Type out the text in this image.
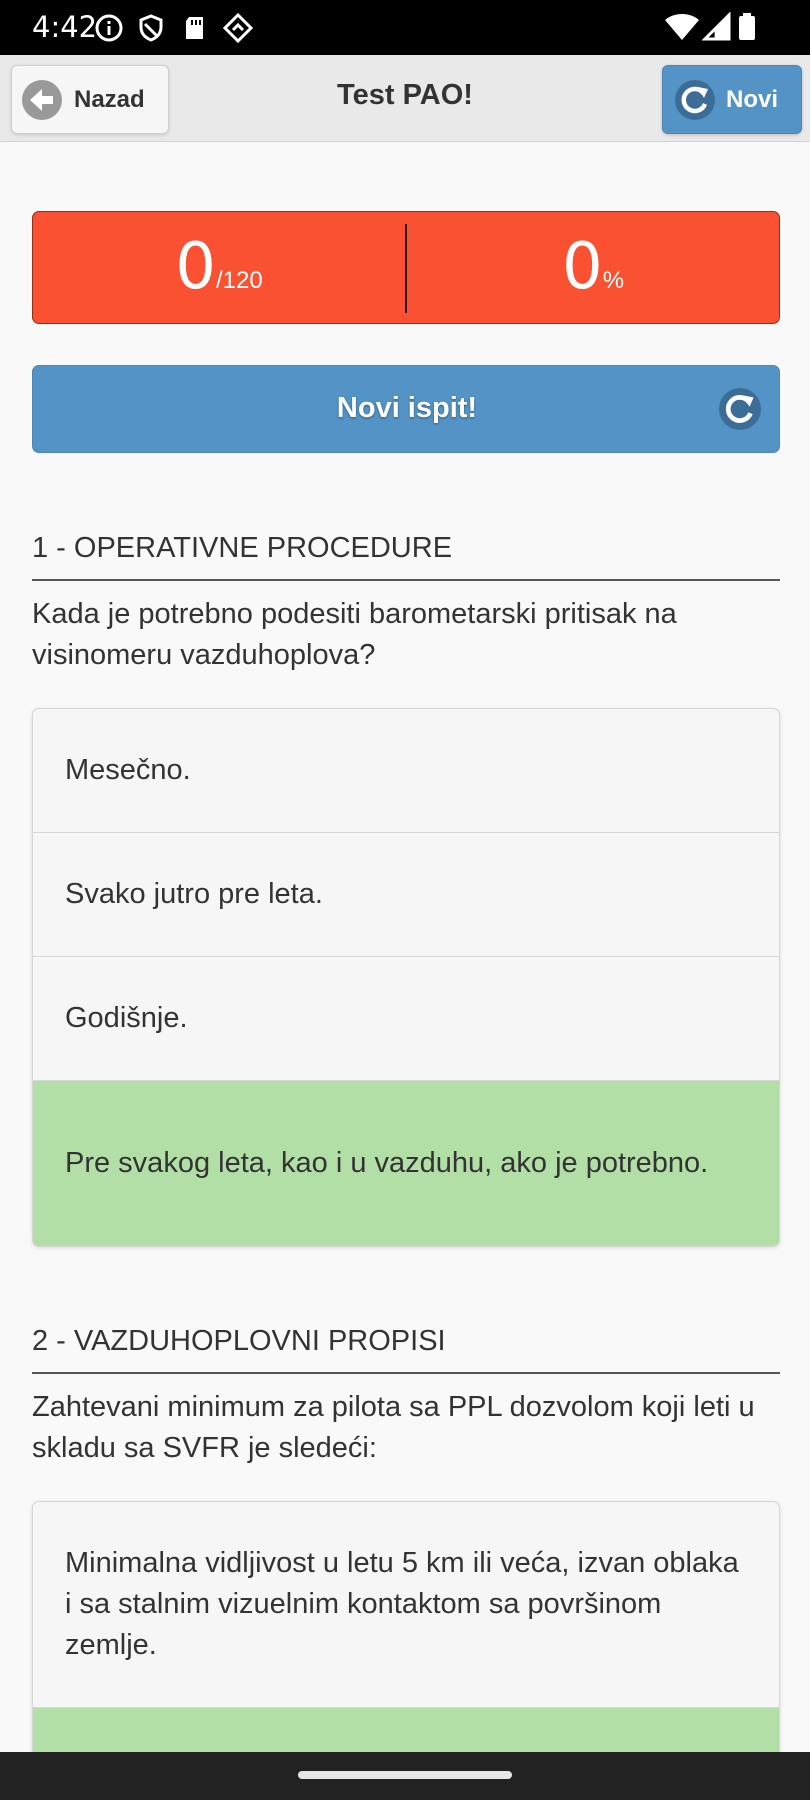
4:42
Nazad	Test PAO!	Novi
0/120	0%
Novi ispit!
1 - OPERATIVNE PROCEDURE
Kada je potrebno podesiti barometarski pritisak na visinomeru vazduhoplova?
Mesečno.
Svako jutro pre leta.
Godišnje.
Pre svakog leta, kao i u vazduhu, ako je potrebno.
2 - VAZDUHOPLOVNI PROPISI
Zahtevani minimum za pilota sa PPL dozvolom koji leti u skladu sa SVFR je sledeći:
Minimalna vidljivost u letu 5 km ili veća, izvan oblaka i sa stalnim vizuelnim kontaktom sa površinom zemlje.
